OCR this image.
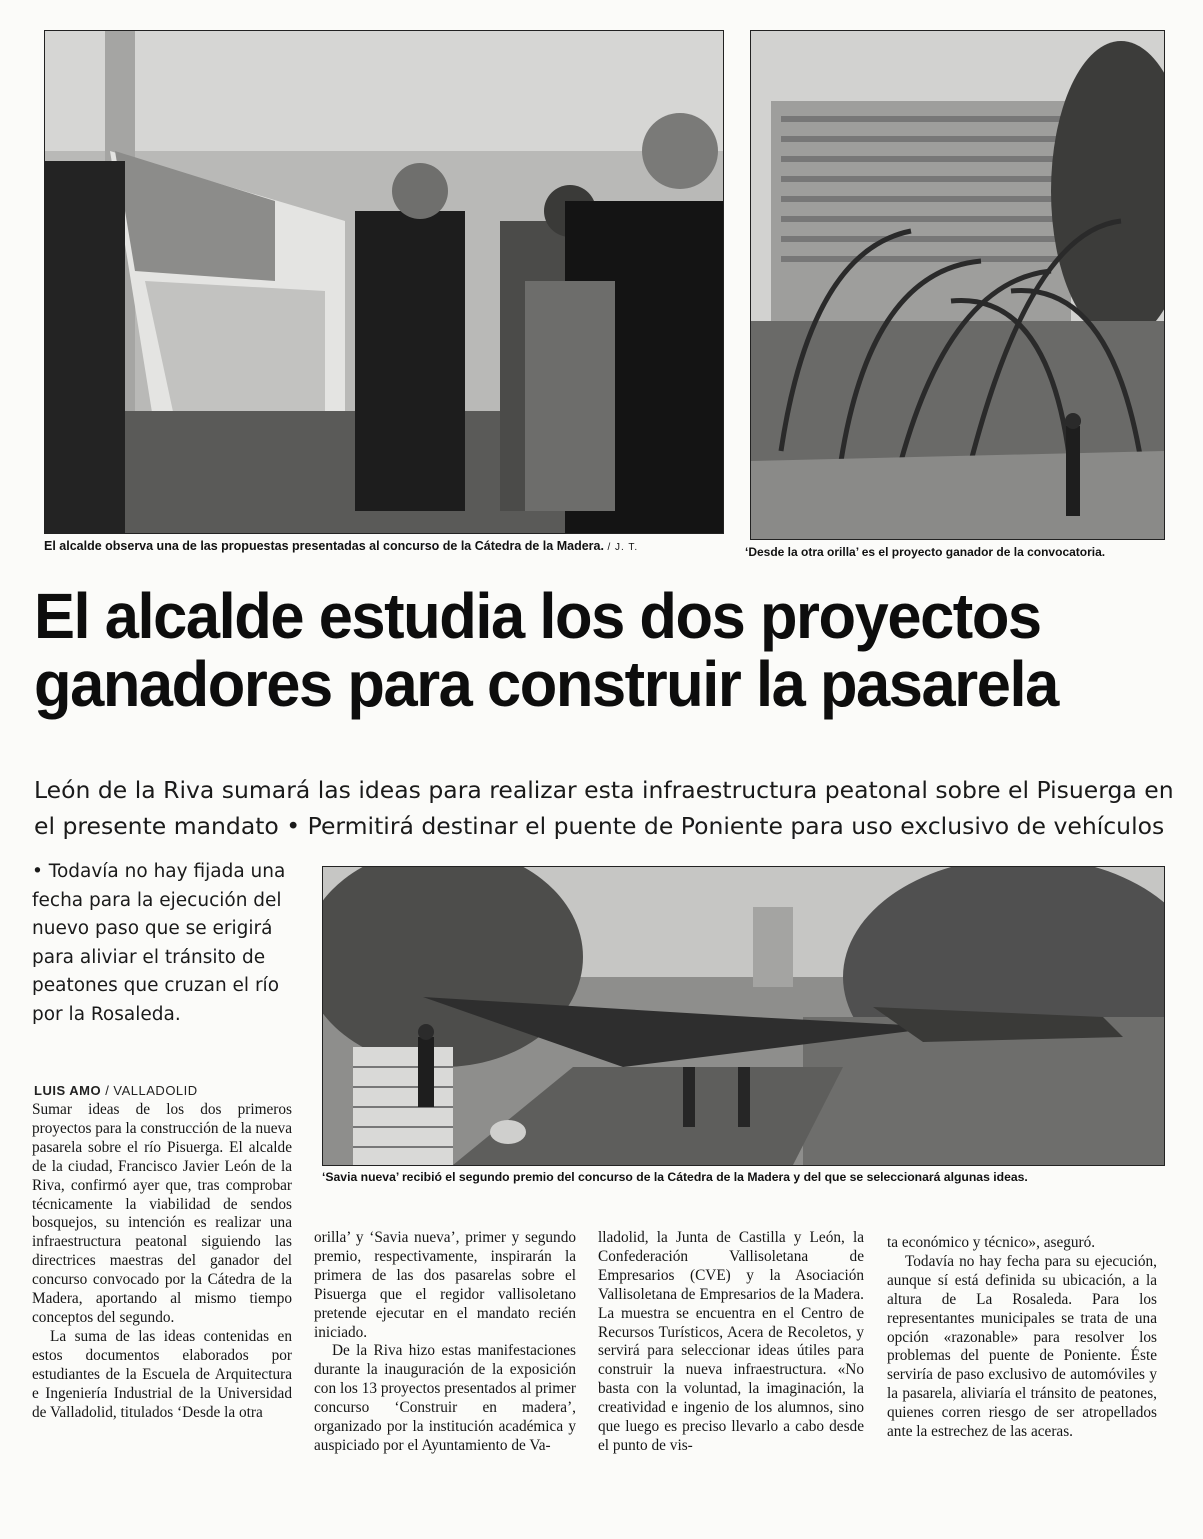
El alcalde observa una de las propuestas presentadas al concurso de la Cátedra de la Madera. / J. T.	‘Desde la otra orilla’ es el proyecto ganador de la convocatoria.
El alcalde estudia los dos proyectos
ganadores para construir la pasarela
León de la Riva sumará las ideas para realizar esta infraestructura peatonal sobre el Pisuerga en
el presente mandato • Permitirá destinar el puente de Poniente para uso exclusivo de vehículos
• Todavía no hay fijada una fecha para la ejecución del nuevo paso que se erigirá para aliviar el tránsito de peatones que cruzan el río por la Rosaleda.
‘Savia nueva’ recibió el segundo premio del concurso de la Cátedra de la Madera y del que se seleccionará algunas ideas.
LUIS AMO / VALLADOLID

Sumar ideas de los dos primeros proyectos para la construcción de la nueva pasarela sobre el río Pisuerga. El alcalde de la ciudad, Francisco Javier León de la Riva, confirmó ayer que, tras comprobar técnicamente la viabilidad de sendos bosquejos, su intención es realizar una infraestructura peatonal siguiendo las directrices maestras del ganador del concurso convocado por la Cátedra de la Madera, aportando al mismo tiempo conceptos del segundo.

La suma de las ideas contenidas en estos documentos elaborados por estudiantes de la Escuela de Arquitectura e Ingeniería Industrial de la Universidad de Valladolid, titulados ‘Desde la otra

orilla’ y ‘Savia nueva’, primer y segundo premio, respectivamente, inspirarán la primera de las dos pasarelas sobre el Pisuerga que el regidor vallisoletano pretende ejecutar en el mandato recién iniciado.

De la Riva hizo estas manifestaciones durante la inauguración de la exposición con los 13 proyectos presentados al primer concurso ‘Construir en madera’, organizado por la institución académica y auspiciado por el Ayuntamiento de Va-

lladolid, la Junta de Castilla y León, la Confederación Vallisoletana de Empresarios (CVE) y la Asociación Vallisoletana de Empresarios de la Madera. La muestra se encuentra en el Centro de Recursos Turísticos, Acera de Recoletos, y servirá para seleccionar ideas útiles para construir la nueva infraestructura. «No basta con la voluntad, la imaginación, la creatividad e ingenio de los alumnos, sino que luego es preciso llevarlo a cabo desde el punto de vis-

ta económico y técnico», aseguró.

Todavía no hay fecha para su ejecución, aunque sí está definida su ubicación, a la altura de La Rosaleda. Para los representantes municipales se trata de una opción «razonable» para resolver los problemas del puente de Poniente. Éste serviría de paso exclusivo de automóviles y la pasarela, aliviaría el tránsito de peatones, quienes corren riesgo de ser atropellados ante la estrechez de las aceras.
